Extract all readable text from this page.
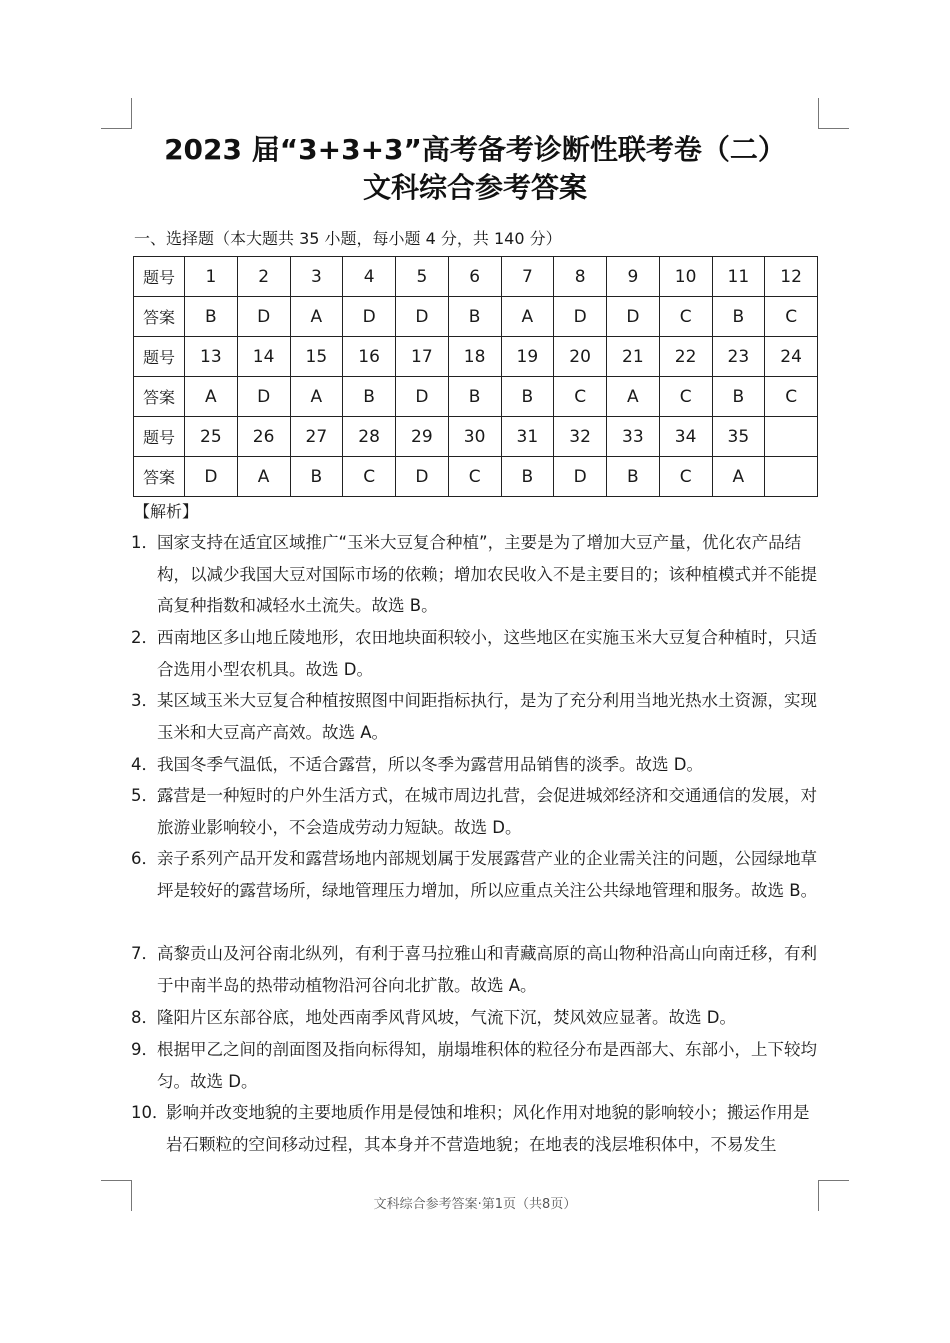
2023 届“3+3+3”高考备考诊断性联考卷（二）
文科综合参考答案
一、选择题（本大题共 35 小题，每小题 4 分，共 140 分）
题号	1	2	3	4	5	6	7	8	9	10	11	12
答案	B	D	A	D	D	B	A	D	D	C	B	C
题号	13	14	15	16	17	18	19	20	21	22	23	24
答案	A	D	A	B	D	B	B	C	A	C	B	C
题号	25	26	27	28	29	30	31	32	33	34	35	
答案	D	A	B	C	D	C	B	D	B	C	A	
【解析】
1． 国家支持在适宜区域推广“玉米大豆复合种植”，主要是为了增加大豆产量，优化农产品结构，以减少我国大豆对国际市场的依赖；增加农民收入不是主要目的；该种植模式并不能提高复种指数和减轻水土流失。故选 B。
2． 西南地区多山地丘陵地形，农田地块面积较小，这些地区在实施玉米大豆复合种植时，只适合选用小型农机具。故选 D。
3． 某区域玉米大豆复合种植按照图中间距指标执行，是为了充分利用当地光热水土资源，实现玉米和大豆高产高效。故选 A。
4． 我国冬季气温低，不适合露营，所以冬季为露营用品销售的淡季。故选 D。
5． 露营是一种短时的户外生活方式，在城市周边扎营，会促进城郊经济和交通通信的发展，对旅游业影响较小，不会造成劳动力短缺。故选 D。
6． 亲子系列产品开发和露营场地内部规划属于发展露营产业的企业需关注的问题，公园绿地草坪是较好的露营场所，绿地管理压力增加，所以应重点关注公共绿地管理和服务。故选 B。
7． 高黎贡山及河谷南北纵列，有利于喜马拉雅山和青藏高原的高山物种沿高山向南迁移，有利于中南半岛的热带动植物沿河谷向北扩散。故选 A。
8． 隆阳片区东部谷底，地处西南季风背风坡，气流下沉，焚风效应显著。故选 D。
9． 根据甲乙之间的剖面图及指向标得知，崩塌堆积体的粒径分布是西部大、东部小，上下较均匀。故选 D。
10．
影响并改变地貌的主要地质作用是侵蚀和堆积；风化作用对地貌的影响较小；搬运作用是岩石颗粒的空间移动过程，其本身并不营造地貌；在地表的浅层堆积体中，不易发生
文科综合参考答案·第1页（共8页）
